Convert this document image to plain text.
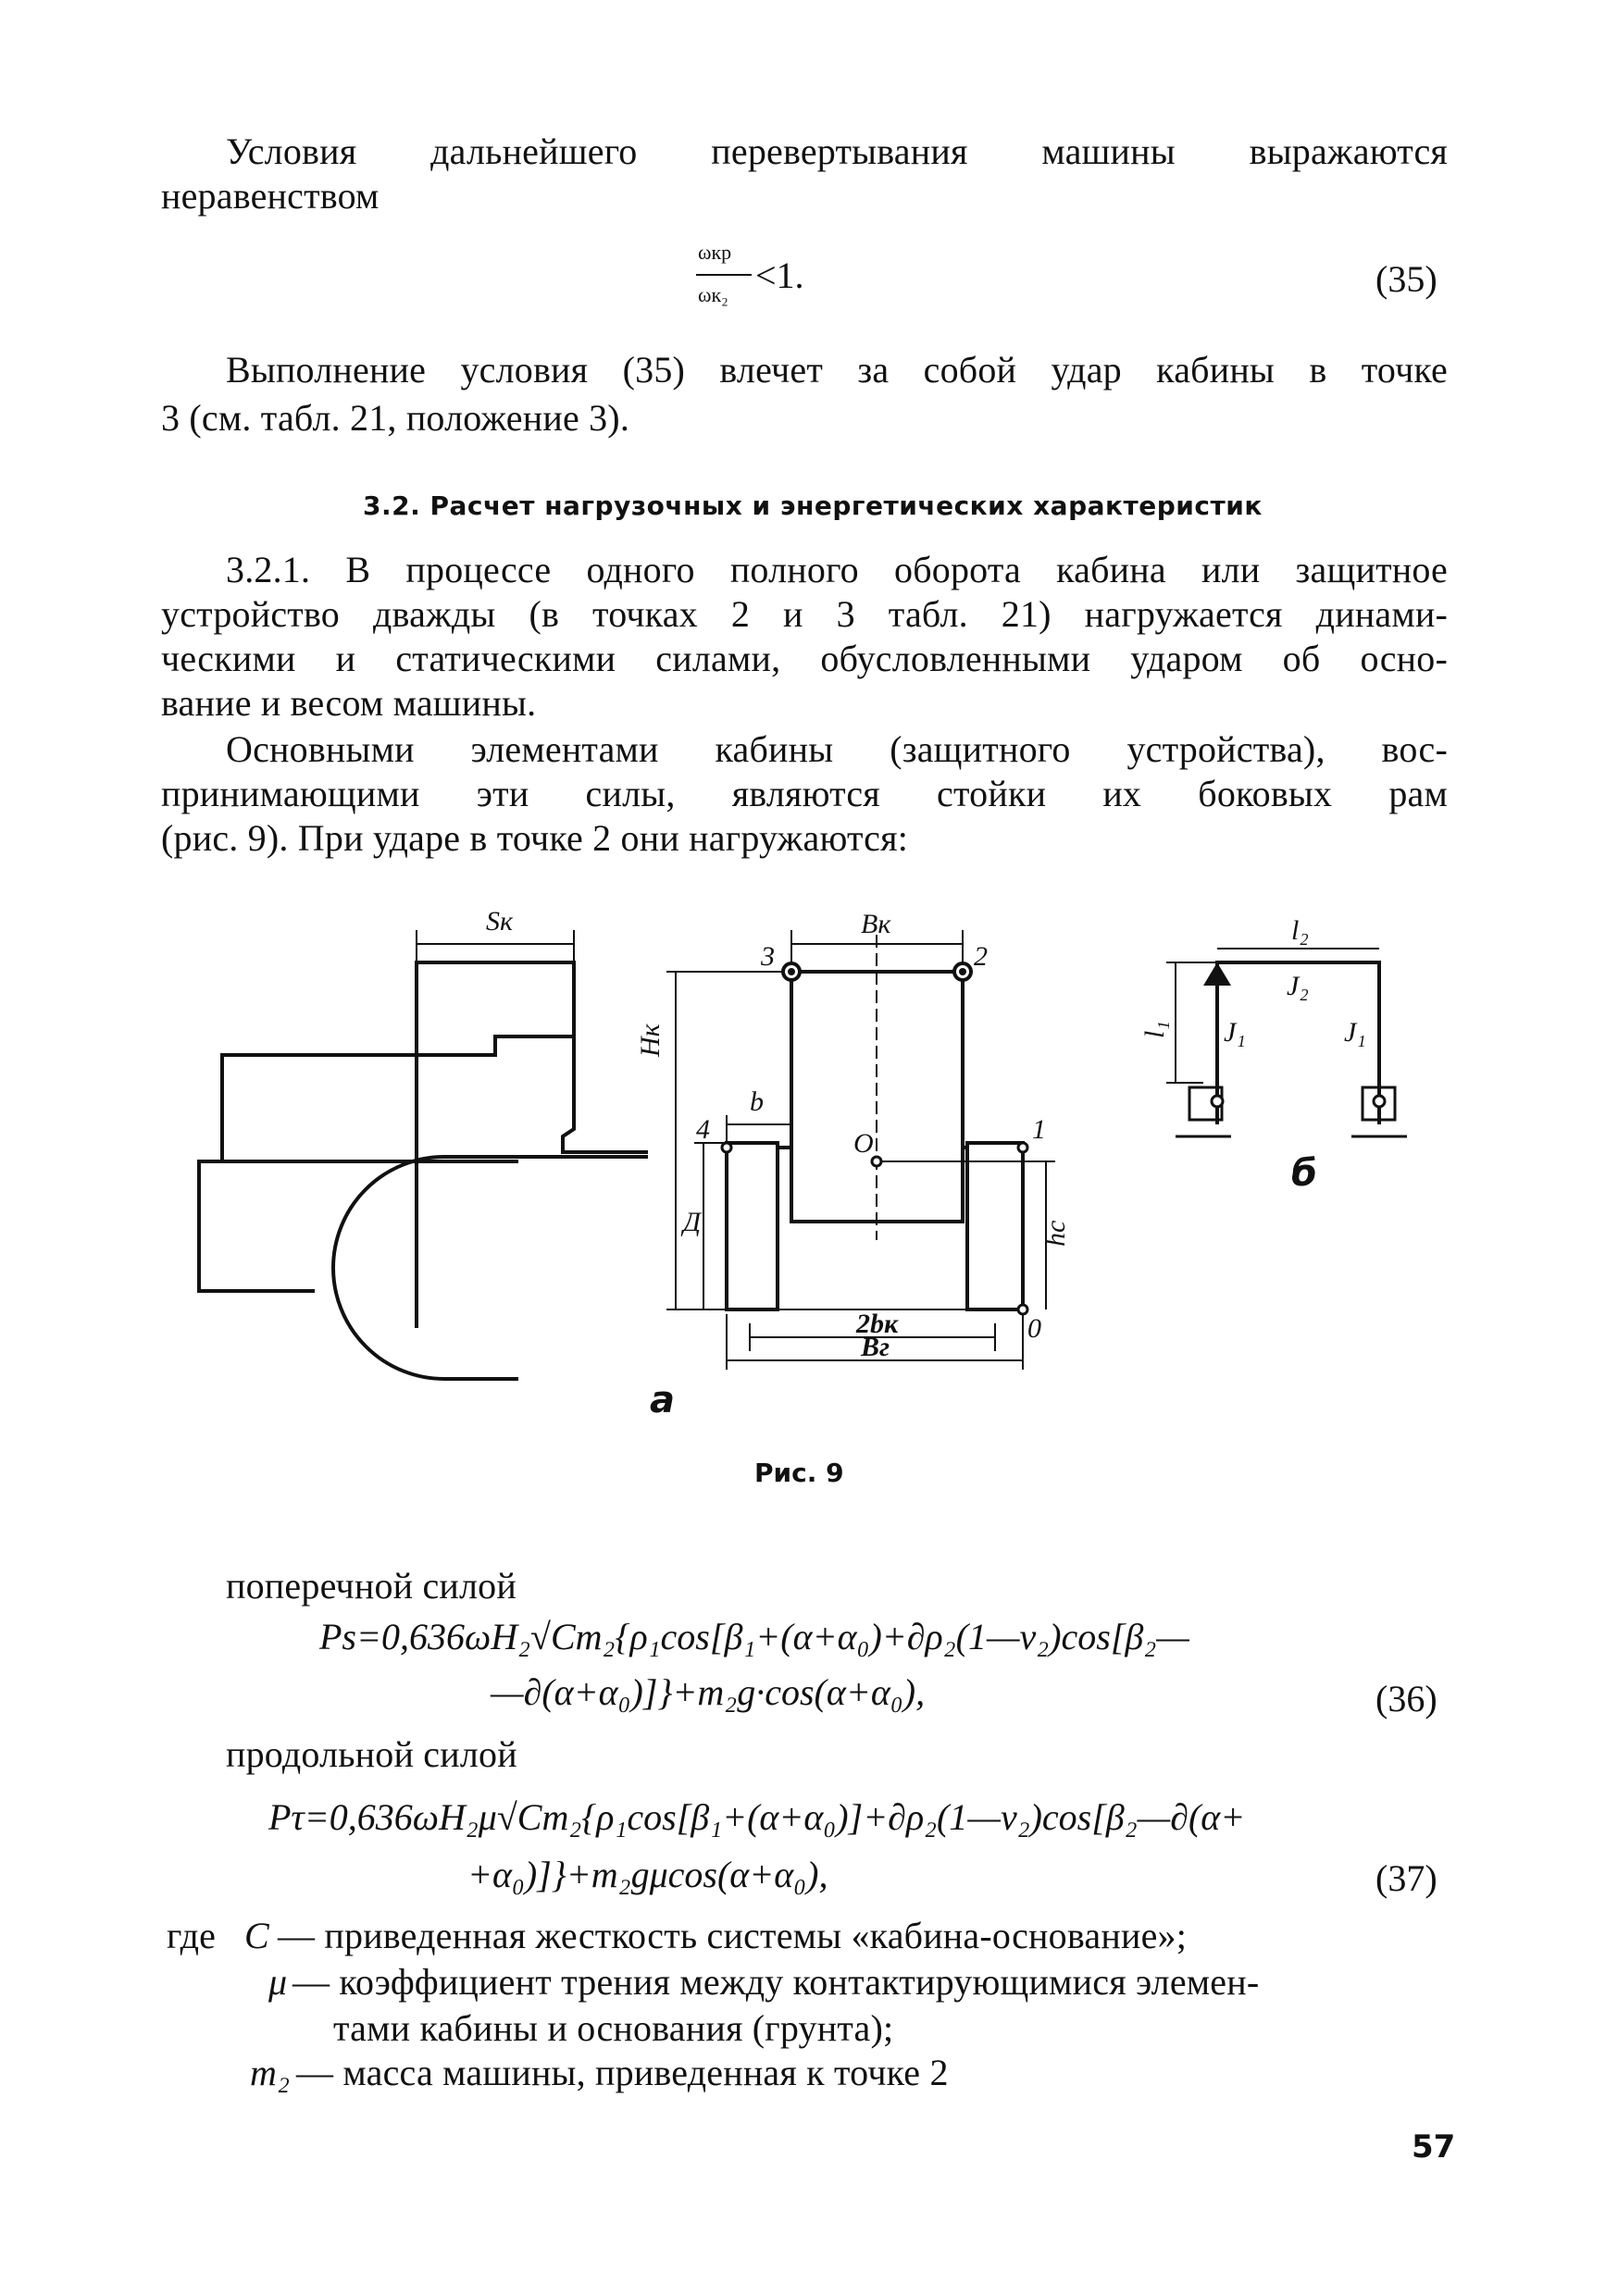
Условия дальнейшего перевертывания машины выражаются
неравенством
ωкр
ωк₂ <1.	(35)
Выполнение условия (35) влечет за собой удар кабины в точке
3 (см. табл. 21, положение 3).
3.2. Расчет нагрузочных и энергетических характеристик
3.2.1. В процессе одного полного оборота кабина или защитное
устройство дважды (в точках 2 и 3 табл. 21) нагружается динами-
ческими и статическими силами, обусловленными ударом об осно-
вание и весом машины.
Основными элементами кабины (защитного устройства), вос-
принимающими эти силы, являются стойки их боковых рам
(рис. 9). При ударе в точке 2 они нагружаются:
Sк	Bк
3	2
Hк
4
b
O	1
Д	hc
0
2bк
Bг
l₂
J₂
l₁ J₁	J₁
а
б
Рис. 9
поперечной силой
Ps=0,636ωH₂√Cm₂{ρ₁cos[β₁+(α+α₀)+∂ρ₂(1—ν₂)cos[β₂—
—∂(α+α₀)]}+m₂g·cos(α+α₀),	(36)
продольной силой
Pτ=0,636ωH₂μ√Cm₂{ρ₁cos[β₁+(α+α₀)]+∂ρ₂(1—ν₂)cos[β₂—∂(α+
+α₀)]}+m₂gμcos(α+α₀),	(37)
где C — приведенная жесткость системы «кабина-основание»;
μ — коэффициент трения между контактирующимися элемен-
тами кабины и основания (грунта);
m₂ — масса машины, приведенная к точке 2
57
